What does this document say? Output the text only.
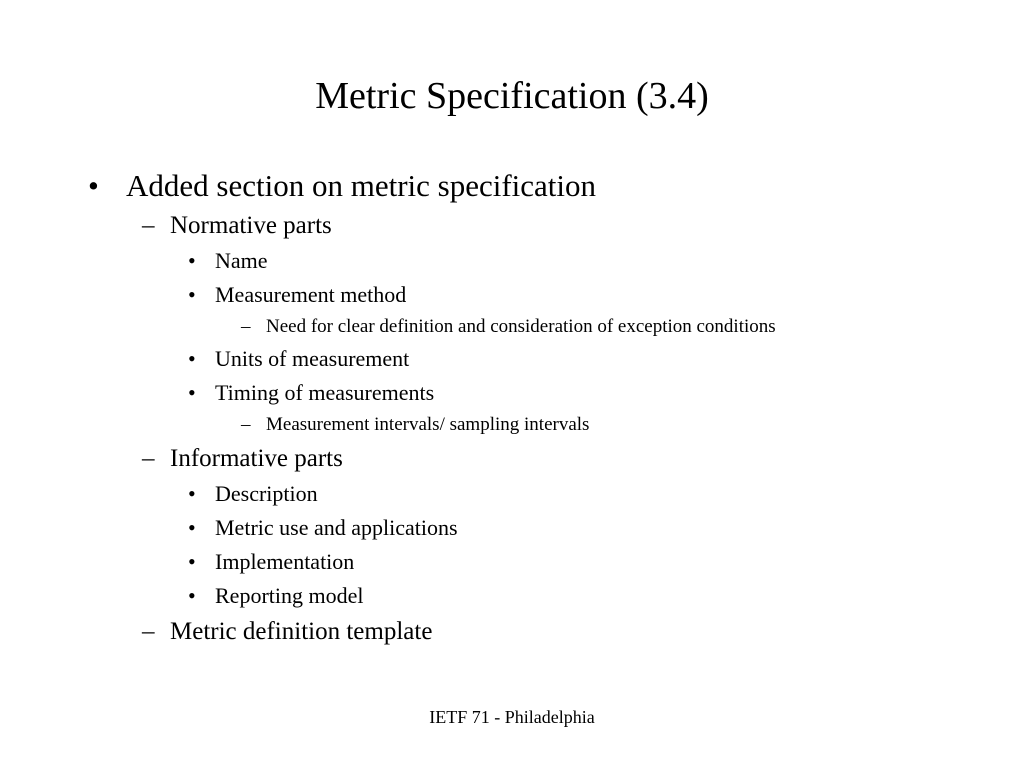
Metric Specification (3.4)
• Added section on metric specification
– Normative parts
• Name
• Measurement method
– Need for clear definition and consideration of exception conditions
• Units of measurement
• Timing of measurements
– Measurement intervals/ sampling intervals
– Informative parts
• Description
• Metric use and applications
• Implementation
• Reporting model
– Metric definition template
IETF 71 - Philadelphia
